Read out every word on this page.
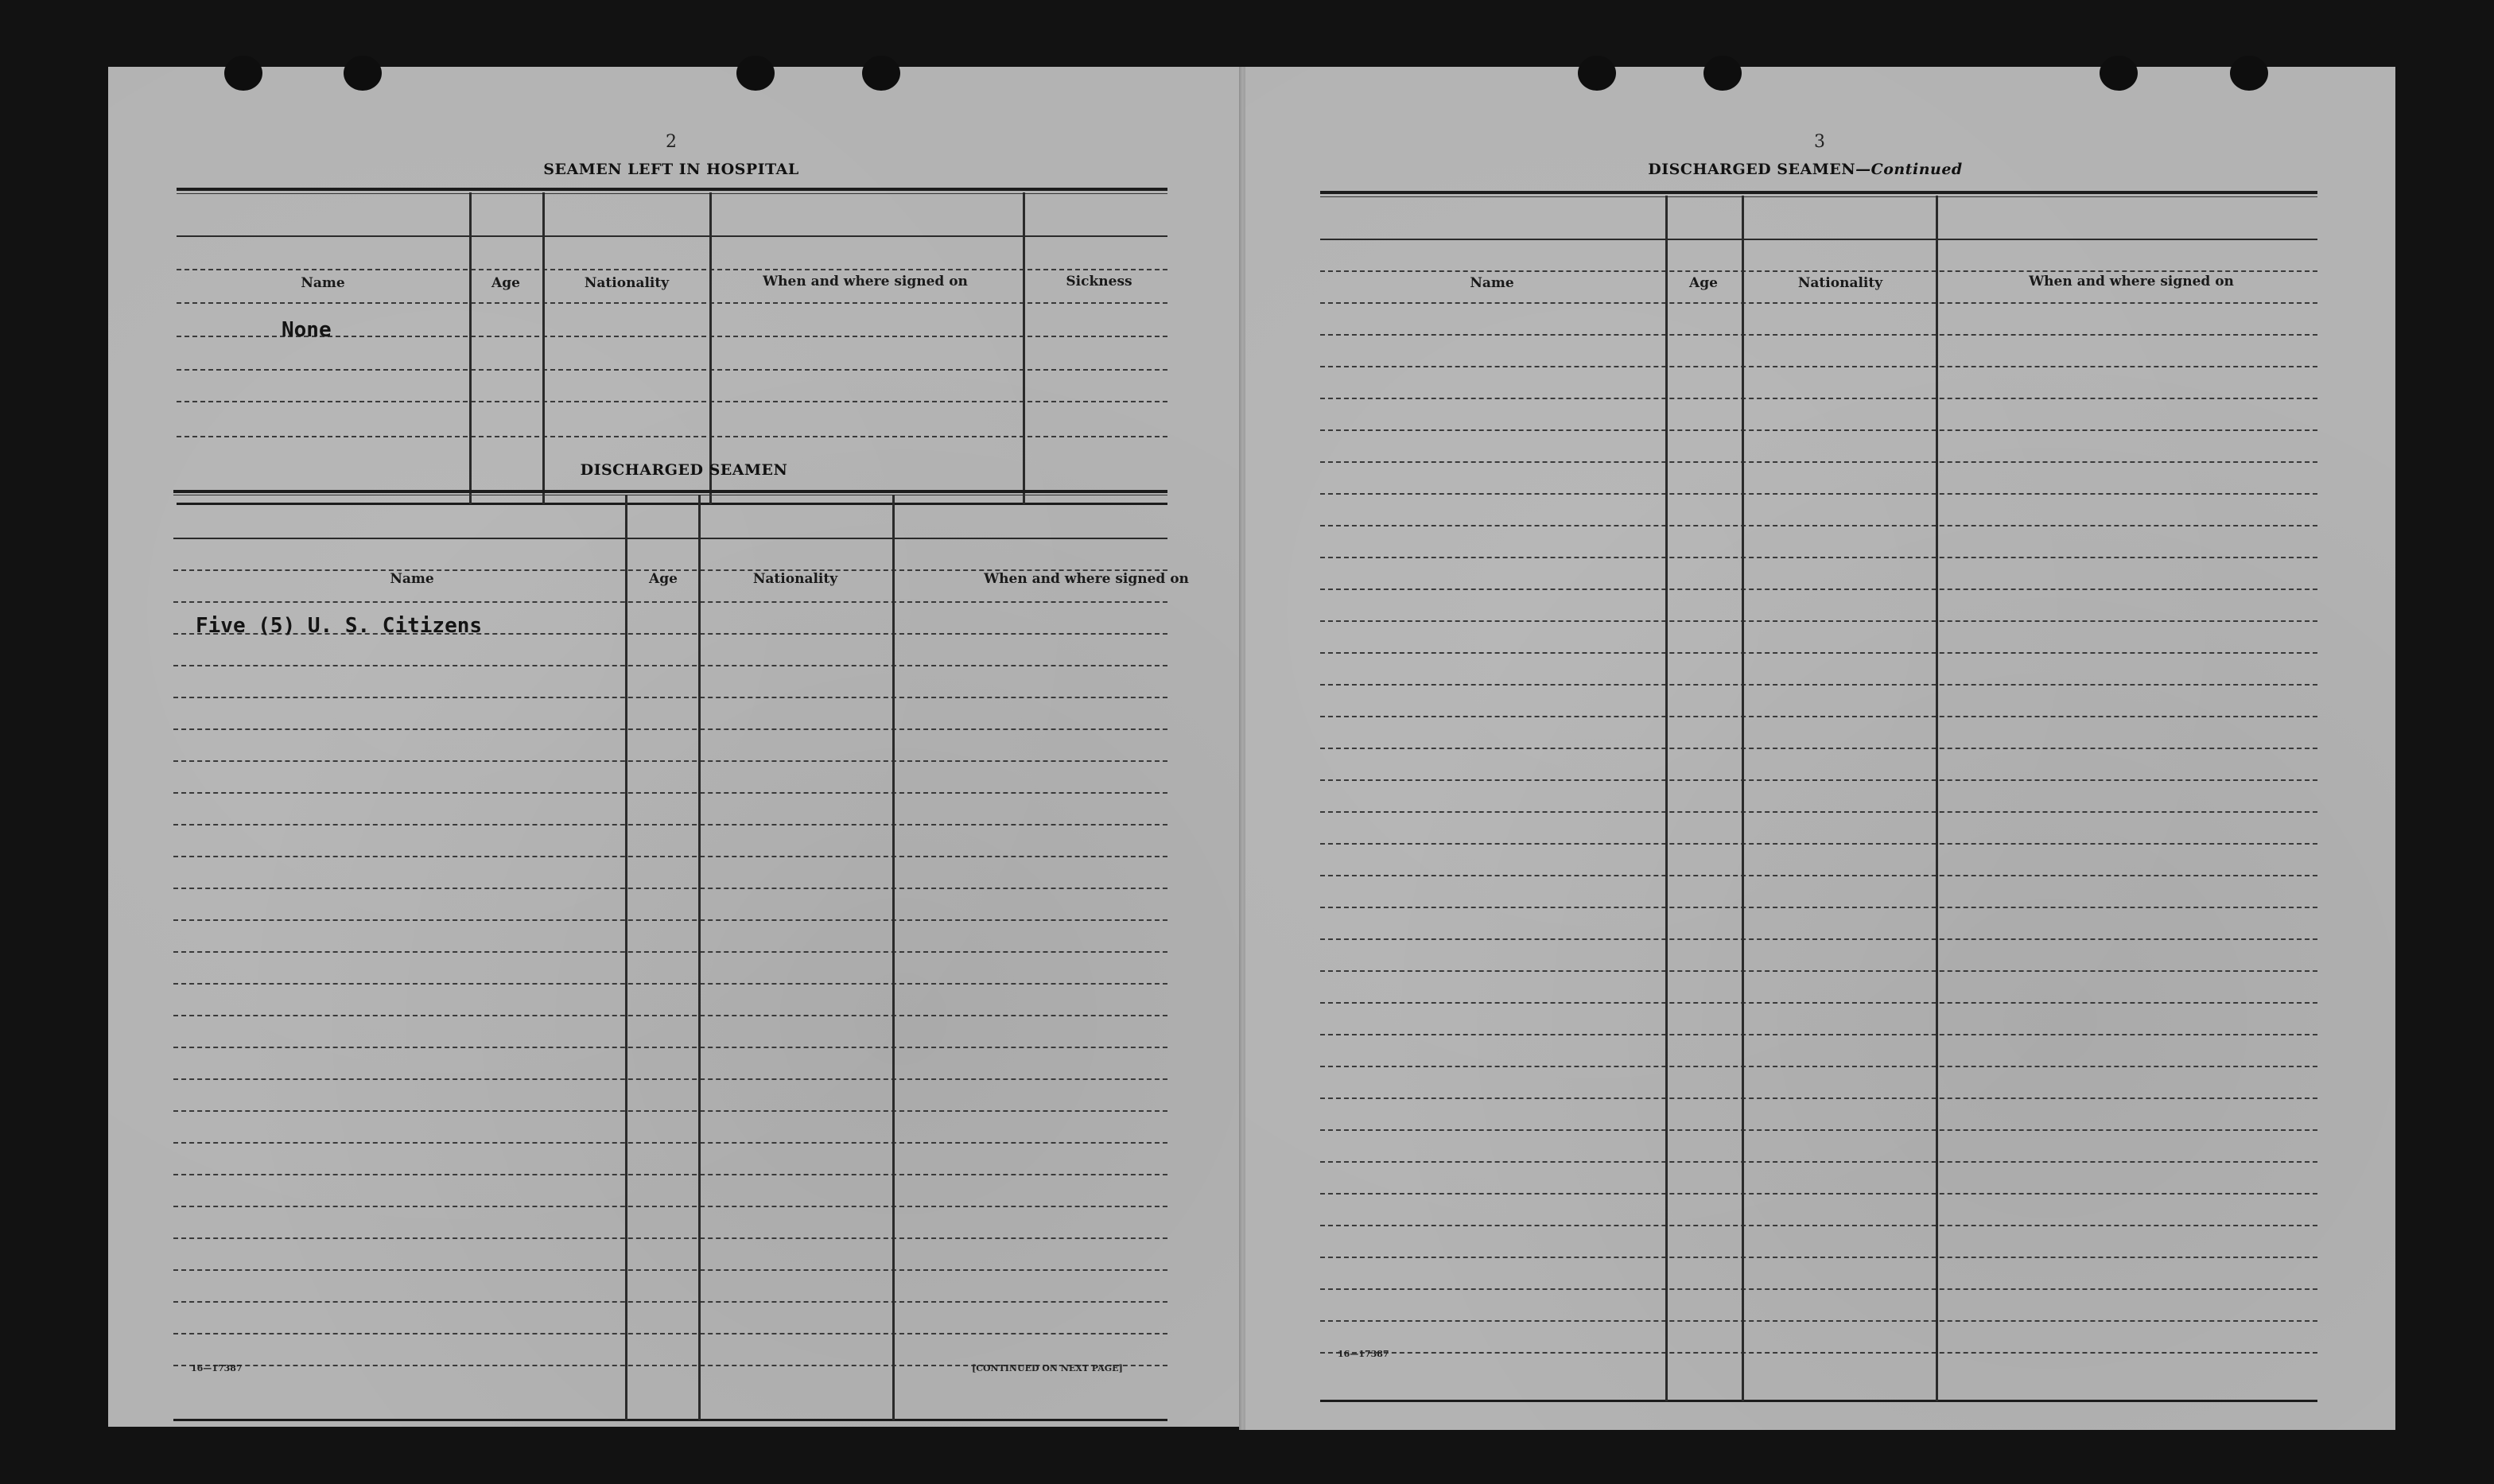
2
SEAMEN LEFT IN HOSPITAL
Name	Age	Nationality	When and where signed on	Sickness
None
DISCHARGED SEAMEN
Name	Age	Nationality	When and where signed on
Five (5) U. S. Citizens
16—17387	[CONTINUED ON NEXT PAGE]
3
DISCHARGED SEAMEN—Continued
Name	Age	Nationality	When and where signed on
16—17387
